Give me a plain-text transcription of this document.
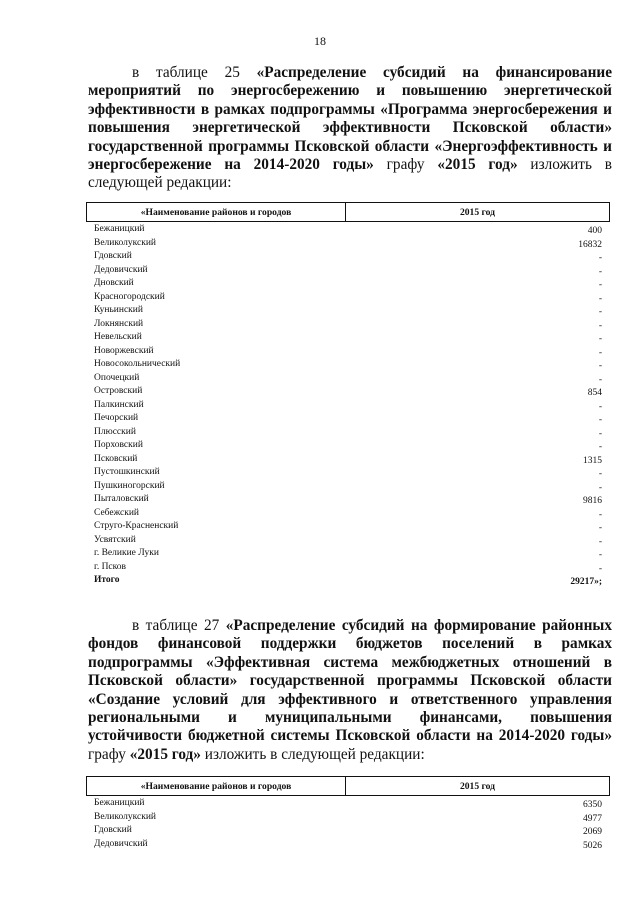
18
в таблице 25 «Распределение субсидий на финансирование мероприятий по энергосбережению и повышению энергетической эффективности в рамках подпрограммы «Программа энергосбережения и повышения энергетической эффективности Псковской области» государственной программы Псковской области «Энергоэффективность и энергосбережение на 2014-2020 годы» графу «2015 год» изложить в следующей редакции:
«Наименование районов и городов	2015 год
Бежаницкий	400
Великолукский	16832
Гдовский	-
Дедовичский	-
Дновский	-
Красногородский	-
Куньинский	-
Локнянский	-
Невельский	-
Новоржевский	-
Новосокольнический	-
Опочецкий	-
Островский	854
Палкинский	-
Печорский	-
Плюсский	-
Порховский	-
Псковский	1315
Пустошкинский	-
Пушкиногорский	-
Пыталовский	9816
Себежский	-
Струго-Красненский	-
Усвятский	-
г. Великие Луки	-
г. Псков	-
Итого	29217»;
в таблице 27 «Распределение субсидий на формирование районных фондов финансовой поддержки бюджетов поселений в рамках подпрограммы «Эффективная система межбюджетных отношений в Псковской области» государственной программы Псковской области «Создание условий для эффективного и ответственного управления региональными и муниципальными финансами, повышения устойчивости бюджетной системы Псковской области на 2014-2020 годы» графу «2015 год» изложить в следующей редакции:
«Наименование районов и городов	2015 год
Бежаницкий	6350
Великолукский	4977
Гдовский	2069
Дедовичский	5026
